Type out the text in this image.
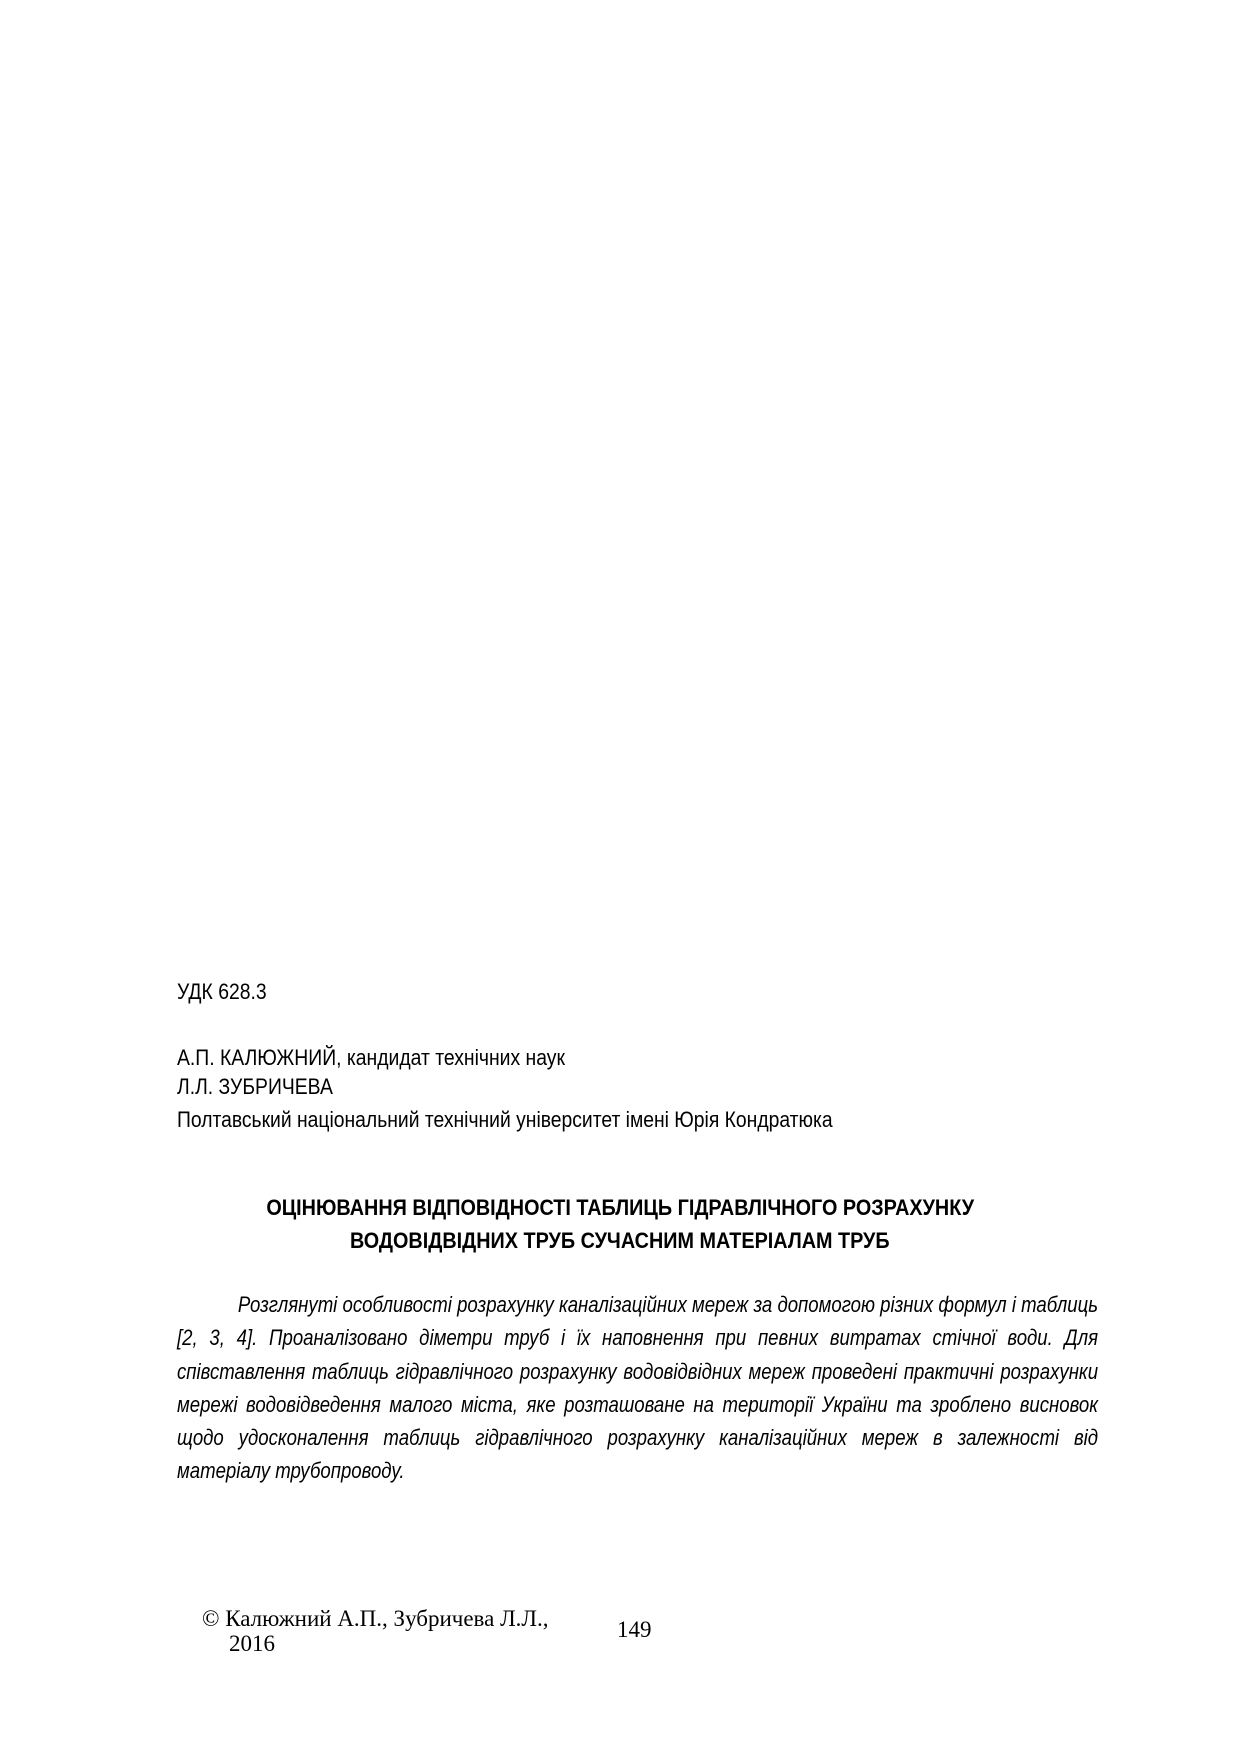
УДК 628.3
А.П. КАЛЮЖНИЙ, кандидат технічних наук
Л.Л. ЗУБРИЧЕВА
Полтавський національний технічний університет імені Юрія Кондратюка
ОЦІНЮВАННЯ ВІДПОВІДНОСТІ ТАБЛИЦЬ ГІДРАВЛІЧНОГО РОЗРАХУНКУ
ВОДОВІДВІДНИХ ТРУБ СУЧАСНИМ МАТЕРІАЛАМ ТРУБ

Розглянуті особливості розрахунку каналізаційних мереж за допомогою різних формул і таблиць [2, 3, 4]. Проаналізовано діметри труб і їх наповнення при певних витратах стічної води. Для співставлення таблиць гідравлічного розрахунку водовідвідних мереж проведені практичні розрахунки мережі водовідведення малого міста, яке розташоване на території України та зроблено висновок щодо удосконалення таблиць гідравлічного розрахунку каналізаційних мереж в залежності від матеріалу трубопроводу.

© Калюжний А.П., Зубричева Л.Л.,
2016
149
